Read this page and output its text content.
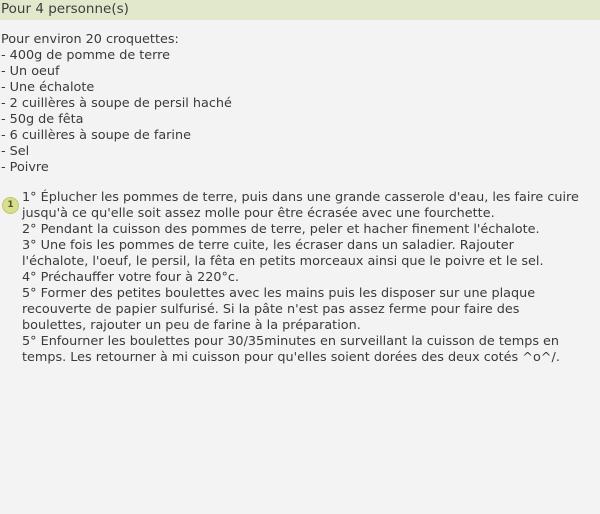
Pour 4 personne(s)
Pour environ 20 croquettes:
- 400g de pomme de terre
- Un oeuf
- Une échalote
- 2 cuillères à soupe de persil haché
- 50g de fêta
- 6 cuillères à soupe de farine
- Sel
- Poivre
1 1° Éplucher les pommes de terre, puis dans une grande casserole d'eau, les faire cuire
jusqu'à ce qu'elle soit assez molle pour être écrasée avec une fourchette.
2° Pendant la cuisson des pommes de terre, peler et hacher finement l'échalote.
3° Une fois les pommes de terre cuite, les écraser dans un saladier. Rajouter
l'échalote, l'oeuf, le persil, la fêta en petits morceaux ainsi que le poivre et le sel.
4° Préchauffer votre four à 220°c.
5° Former des petites boulettes avec les mains puis les disposer sur une plaque
recouverte de papier sulfurisé. Si la pâte n'est pas assez ferme pour faire des
boulettes, rajouter un peu de farine à la préparation.
5° Enfourner les boulettes pour 30/35minutes en surveillant la cuisson de temps en
temps. Les retourner à mi cuisson pour qu'elles soient dorées des deux cotés ^o^/.
